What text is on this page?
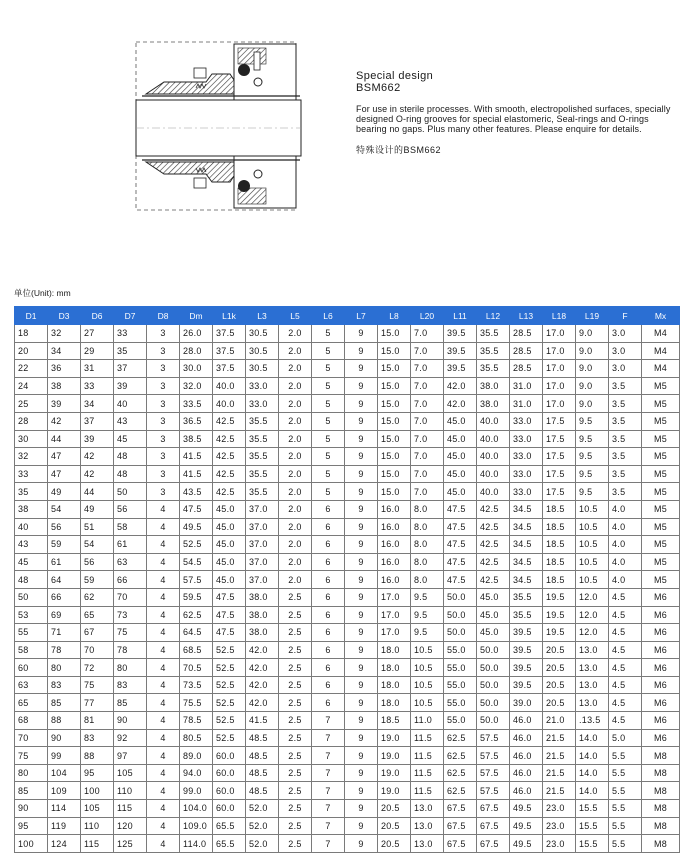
Special design

BSM662

For use in sterile processes. With smooth, electropolished surfaces, specially designed O-ring grooves for special elastomeric, Seal-rings and O-rings bearing no gaps. Plus many other features. Please enquire for details.

特殊设计的BSM662

单位(Unit): mm
D1	D3	D6	D7	D8	Dm	L1k	L3	L5	L6	L7	L8	L20	L11	L12	L13	L18	L19	F	Mx
18	32	27	33	3	26.0	37.5	30.5	2.0	5	9	15.0	7.0	39.5	35.5	28.5	17.0	9.0	3.0	M4
20	34	29	35	3	28.0	37.5	30.5	2.0	5	9	15.0	7.0	39.5	35.5	28.5	17.0	9.0	3.0	M4
22	36	31	37	3	30.0	37.5	30.5	2.0	5	9	15.0	7.0	39.5	35.5	28.5	17.0	9.0	3.0	M4
24	38	33	39	3	32.0	40.0	33.0	2.0	5	9	15.0	7.0	42.0	38.0	31.0	17.0	9.0	3.5	M5
25	39	34	40	3	33.5	40.0	33.0	2.0	5	9	15.0	7.0	42.0	38.0	31.0	17.0	9.0	3.5	M5
28	42	37	43	3	36.5	42.5	35.5	2.0	5	9	15.0	7.0	45.0	40.0	33.0	17.5	9.5	3.5	M5
30	44	39	45	3	38.5	42.5	35.5	2.0	5	9	15.0	7.0	45.0	40.0	33.0	17.5	9.5	3.5	M5
32	47	42	48	3	41.5	42.5	35.5	2.0	5	9	15.0	7.0	45.0	40.0	33.0	17.5	9.5	3.5	M5
33	47	42	48	3	41.5	42.5	35.5	2.0	5	9	15.0	7.0	45.0	40.0	33.0	17.5	9.5	3.5	M5
35	49	44	50	3	43.5	42.5	35.5	2.0	5	9	15.0	7.0	45.0	40.0	33.0	17.5	9.5	3.5	M5
38	54	49	56	4	47.5	45.0	37.0	2.0	6	9	16.0	8.0	47.5	42.5	34.5	18.5	10.5	4.0	M5
40	56	51	58	4	49.5	45.0	37.0	2.0	6	9	16.0	8.0	47.5	42.5	34.5	18.5	10.5	4.0	M5
43	59	54	61	4	52.5	45.0	37.0	2.0	6	9	16.0	8.0	47.5	42.5	34.5	18.5	10.5	4.0	M5
45	61	56	63	4	54.5	45.0	37.0	2.0	6	9	16.0	8.0	47.5	42.5	34.5	18.5	10.5	4.0	M5
48	64	59	66	4	57.5	45.0	37.0	2.0	6	9	16.0	8.0	47.5	42.5	34.5	18.5	10.5	4.0	M5
50	66	62	70	4	59.5	47.5	38.0	2.5	6	9	17.0	9.5	50.0	45.0	35.5	19.5	12.0	4.5	M6
53	69	65	73	4	62.5	47.5	38.0	2.5	6	9	17.0	9.5	50.0	45.0	35.5	19.5	12.0	4.5	M6
55	71	67	75	4	64.5	47.5	38.0	2.5	6	9	17.0	9.5	50.0	45.0	39.5	19.5	12.0	4.5	M6
58	78	70	78	4	68.5	52.5	42.0	2.5	6	9	18.0	10.5	55.0	50.0	39.5	20.5	13.0	4.5	M6
60	80	72	80	4	70.5	52.5	42.0	2.5	6	9	18.0	10.5	55.0	50.0	39.5	20.5	13.0	4.5	M6
63	83	75	83	4	73.5	52.5	42.0	2.5	6	9	18.0	10.5	55.0	50.0	39.5	20.5	13.0	4.5	M6
65	85	77	85	4	75.5	52.5	42.0	2.5	6	9	18.0	10.5	55.0	50.0	39.0	20.5	13.0	4.5	M6
68	88	81	90	4	78.5	52.5	41.5	2.5	7	9	18.5	11.0	55.0	50.0	46.0	21.0	.13.5	4.5	M6
70	90	83	92	4	80.5	52.5	48.5	2.5	7	9	19.0	11.5	62.5	57.5	46.0	21.5	14.0	5.0	M6
75	99	88	97	4	89.0	60.0	48.5	2.5	7	9	19.0	11.5	62.5	57.5	46.0	21.5	14.0	5.5	M8
80	104	95	105	4	94.0	60.0	48.5	2.5	7	9	19.0	11.5	62.5	57.5	46.0	21.5	14.0	5.5	M8
85	109	100	110	4	99.0	60.0	48.5	2.5	7	9	19.0	11.5	62.5	57.5	46.0	21.5	14.0	5.5	M8
90	114	105	115	4	104.0	60.0	52.0	2.5	7	9	20.5	13.0	67.5	67.5	49.5	23.0	15.5	5.5	M8
95	119	110	120	4	109.0	65.5	52.0	2.5	7	9	20.5	13.0	67.5	67.5	49.5	23.0	15.5	5.5	M8
100	124	115	125	4	114.0	65.5	52.0	2.5	7	9	20.5	13.0	67.5	67.5	49.5	23.0	15.5	5.5	M8
